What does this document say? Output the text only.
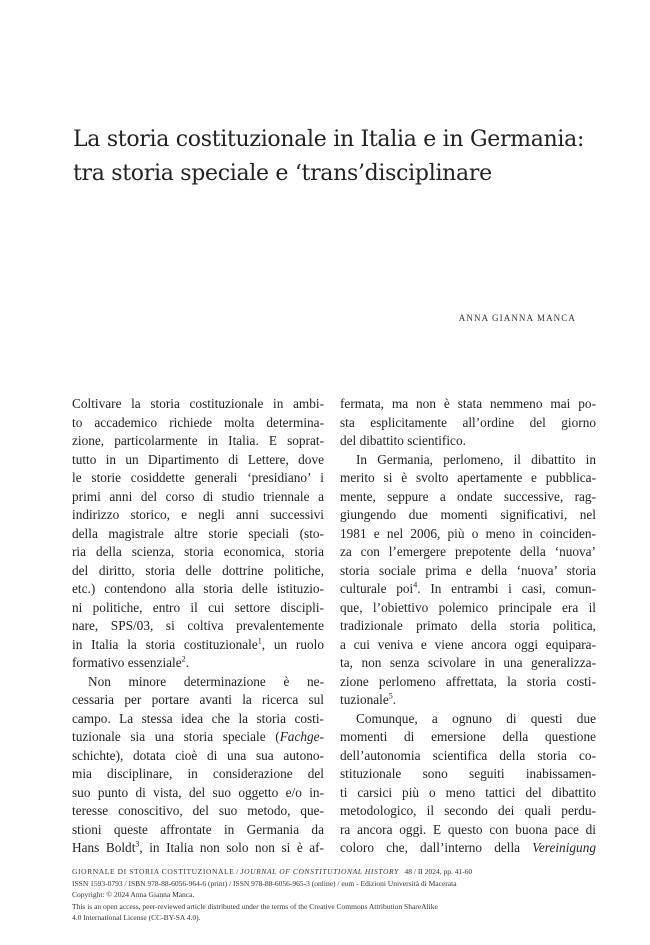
La storia costituzionale in Italia e in Germania:
tra storia speciale e ‘trans’disciplinare
ANNA GIANNA MANCA
Coltivare la storia costituzionale in ambi-
to accademico richiede molta determina-
zione, particolarmente in Italia. E soprat-
tutto in un Dipartimento di Lettere, dove
le storie cosiddette generali ‘presidiano’ i
primi anni del corso di studio triennale a
indirizzo storico, e negli anni successivi
della magistrale altre storie speciali (sto-
ria della scienza, storia economica, storia
del diritto, storia delle dottrine politiche,
etc.) contendono alla storia delle istituzio-
ni politiche, entro il cui settore discipli-
nare, SPS/03, si coltiva prevalentemente
in Italia la storia costituzionale$^1$, un ruolo
formativo essenziale$^2$.
Non minore determinazione è ne-
cessaria per portare avanti la ricerca sul
campo. La stessa idea che la storia costi-
tuzionale sia una storia speciale (Fachge-
schichte), dotata cioè di una sua autono-
mia disciplinare, in considerazione del
suo punto di vista, del suo oggetto e/o in-
teresse conoscitivo, del suo metodo, que-
stioni queste affrontate in Germania da
Hans Boldt$^3$, in Italia non solo non si è af-
fermata, ma non è stata nemmeno mai po-
sta esplicitamente all’ordine del giorno
del dibattito scientifico.
In Germania, perlomeno, il dibattito in
merito si è svolto apertamente e pubblica-
mente, seppure a ondate successive, rag-
giungendo due momenti significativi, nel
1981 e nel 2006, più o meno in coinciden-
za con l’emergere prepotente della ‘nuova’
storia sociale prima e della ‘nuova’ storia
culturale poi$^4$. In entrambi i casi, comun-
que, l’obiettivo polemico principale era il
tradizionale primato della storia politica,
a cui veniva e viene ancora oggi equipara-
ta, non senza scivolare in una generalizza-
zione perlomeno affrettata, la storia costi-
tuzionale$^5$.
Comunque, a ognuno di questi due
momenti di emersione della questione
dell’autonomia scientifica della storia co-
stituzionale sono seguiti inabissamen-
ti carsici più o meno tattici del dibattito
metodologico, il secondo dei quali perdu-
ra ancora oggi. E questo con buona pace di
coloro che, dall’interno della Vereinigung
GIORNALE DI STORIA COSTITUZIONALE / JOURNAL OF CONSTITUTIONAL HISTORY 48 / II 2024, pp. 41-60
ISSN 1593-0793 / ISBN 978-88-6056-964-6 (print) / ISSN 978-88-6056-965-3 (online) / eum - Edizioni Università di Macerata
Copyright: © 2024 Anna Gianna Manca.
This is an open access, peer-reviewed article distributed under the terms of the Creative Commons Attribution ShareAlike
4.0 International License (CC-BY-SA 4.0).
